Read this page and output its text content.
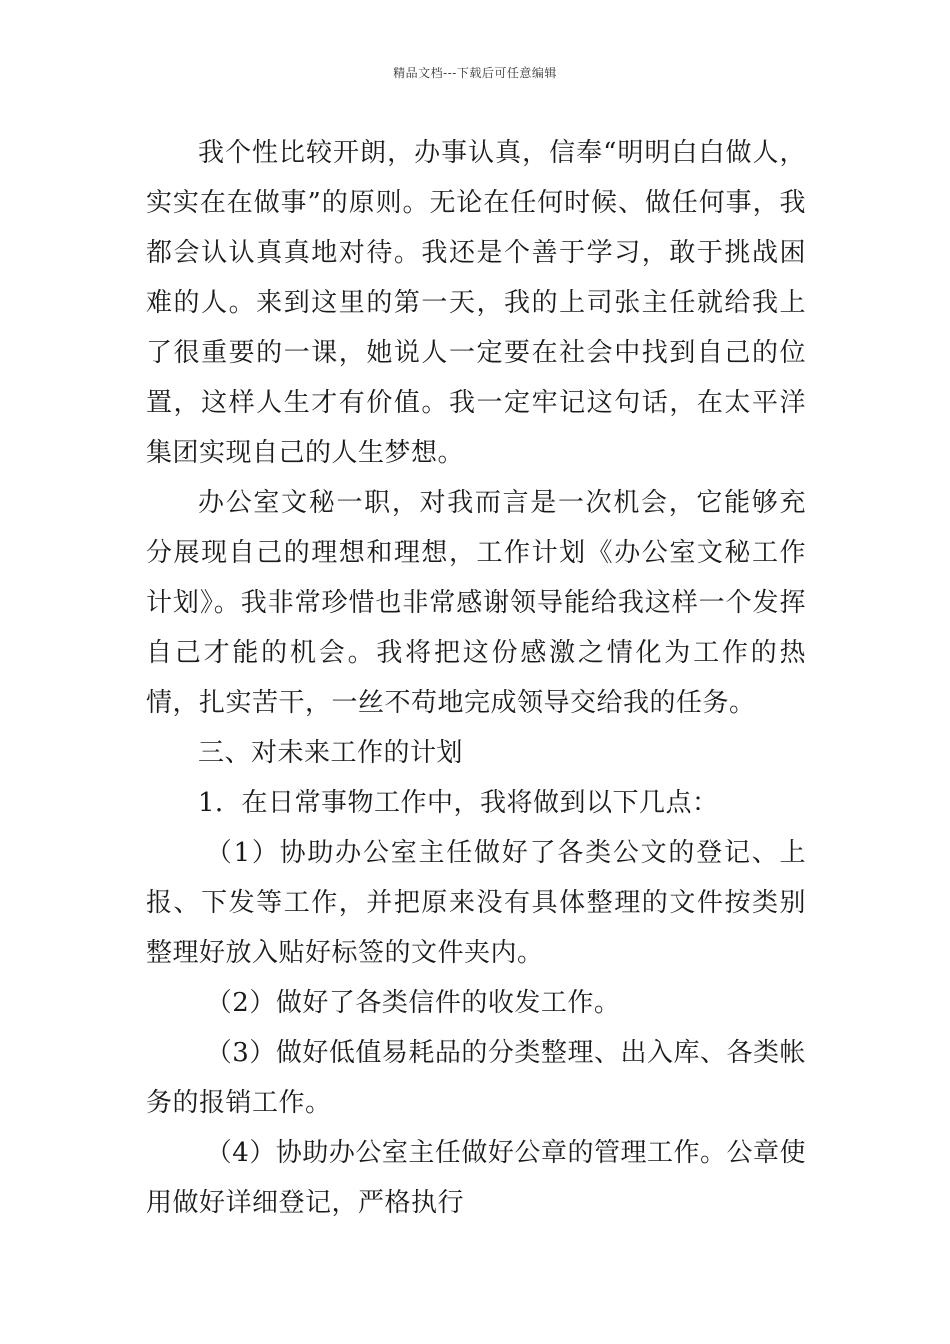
精品文档---下载后可任意编辑

我个性比较开朗，办事认真，信奉“明明白白做人，实实在在做事”的原则。无论在任何时候、做任何事，我都会认认真真地对待。我还是个善于学习，敢于挑战困难的人。来到这里的第一天，我的上司张主任就给我上了很重要的一课，她说人一定要在社会中找到自己的位置，这样人生才有价值。我一定牢记这句话，在太平洋集团实现自己的人生梦想。

办公室文秘一职，对我而言是一次机会，它能够充分展现自己的理想和理想，工作计划《办公室文秘工作计划》。我非常珍惜也非常感谢领导能给我这样一个发挥自己才能的机会。我将把这份感激之情化为工作的热情，扎实苦干，一丝不苟地完成领导交给我的任务。

三、对未来工作的计划

1．在日常事物工作中，我将做到以下几点：

（1）协助办公室主任做好了各类公文的登记、上报、下发等工作，并把原来没有具体整理的文件按类别整理好放入贴好标签的文件夹内。

（2）做好了各类信件的收发工作。

（3）做好低值易耗品的分类整理、出入库、各类帐务的报销工作。

（4）协助办公室主任做好公章的管理工作。公章使用做好详细登记，严格执行
